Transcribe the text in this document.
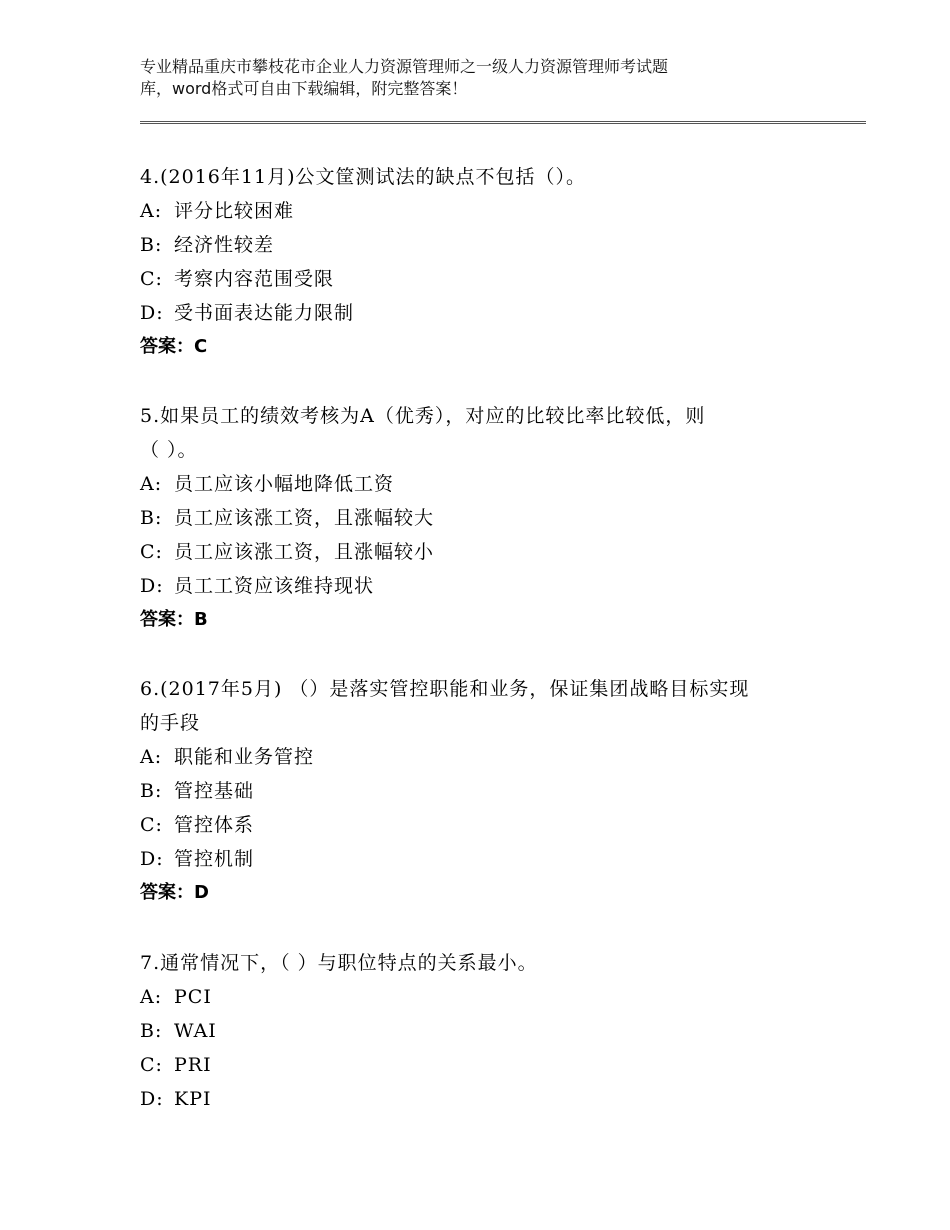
专业精品重庆市攀枝花市企业人力资源管理师之一级人力资源管理师考试题
库，word格式可自由下载编辑，附完整答案！
4.(2016年11月)公文筐测试法的缺点不包括（）。
A: 评分比较困难
B: 经济性较差
C: 考察内容范围受限
D: 受书面表达能力限制
答案：C
5.如果员工的绩效考核为A（优秀），对应的比较比率比较低，则
（ ）。
A: 员工应该小幅地降低工资
B: 员工应该涨工资，且涨幅较大
C: 员工应该涨工资，且涨幅较小
D: 员工工资应该维持现状
答案：B
6.(2017年5月) （）是落实管控职能和业务，保证集团战略目标实现
的手段
A: 职能和业务管控
B: 管控基础
C: 管控体系
D: 管控机制
答案：D
7.通常情况下，（ ）与职位特点的关系最小。
A: PCI
B: WAI
C: PRI
D: KPI
